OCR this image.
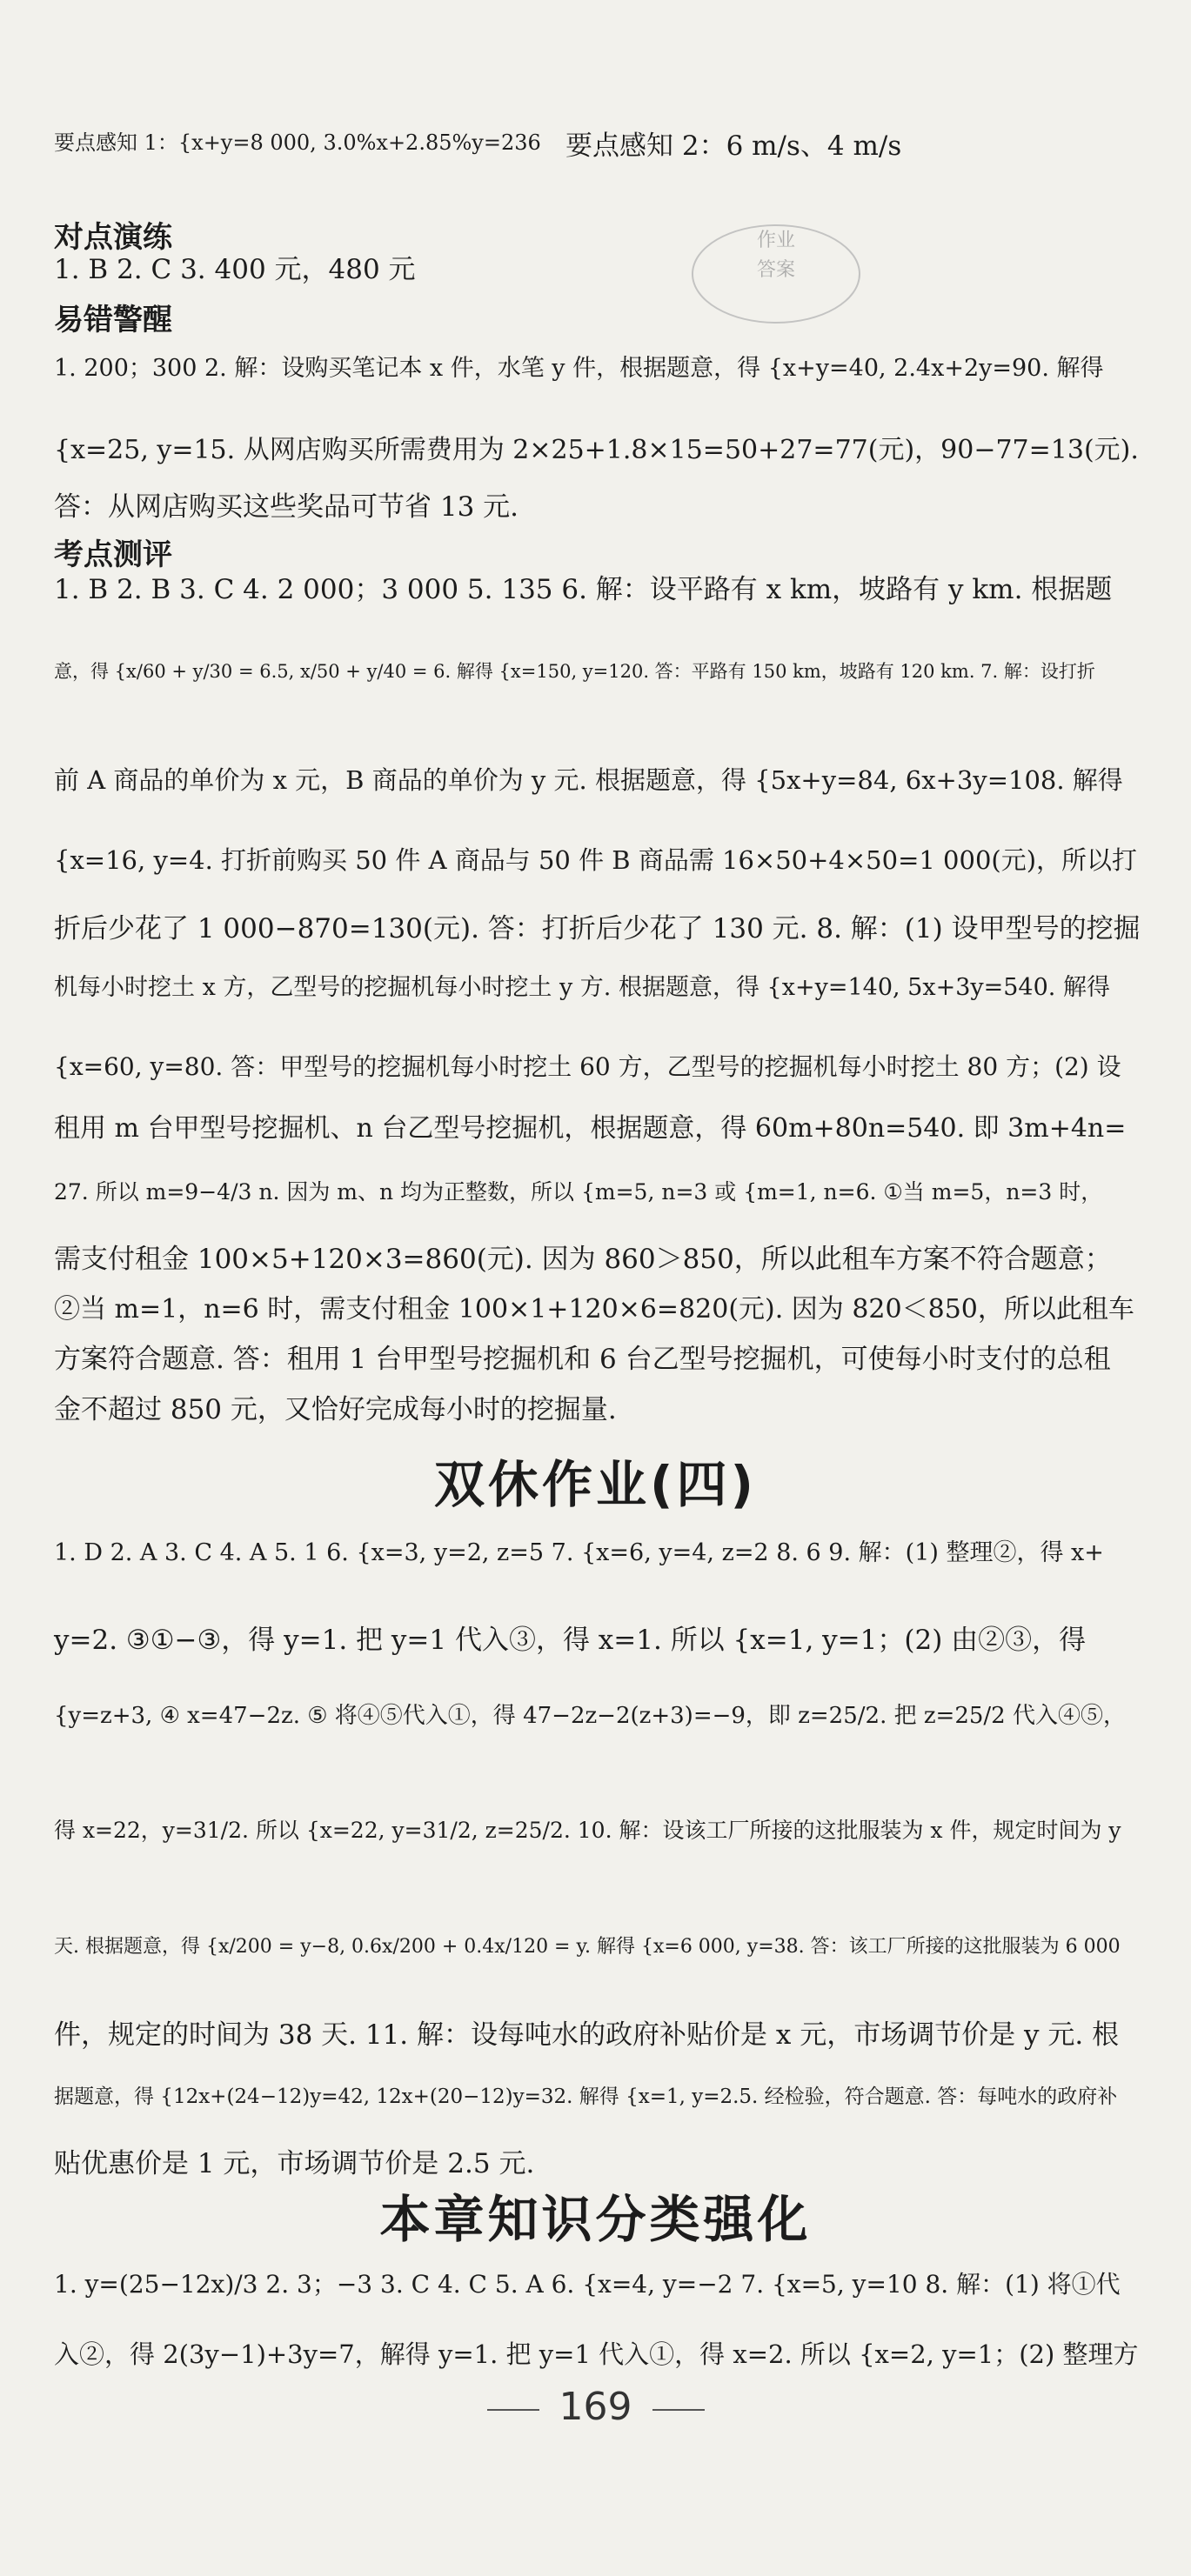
作业
答案
要点感知 1：{x+y=8 000, 3.0%x+2.85%y=236 要点感知 2：6 m/s、4 m/s
对点演练
1. B 2. C 3. 400 元，480 元
易错警醒
1. 200；300 2. 解：设购买笔记本 x 件，水笔 y 件，根据题意，得 {x+y=40, 2.4x+2y=90. 解得
{x=25, y=15. 从网店购买所需费用为 2×25+1.8×15=50+27=77(元)，90−77=13(元).
答：从网店购买这些奖品可节省 13 元.
考点测评
1. B 2. B 3. C 4. 2 000；3 000 5. 135 6. 解：设平路有 x km，坡路有 y km. 根据题
意，得 {x/60 + y/30 = 6.5, x/50 + y/40 = 6. 解得 {x=150, y=120. 答：平路有 150 km，坡路有 120 km. 7. 解：设打折
前 A 商品的单价为 x 元，B 商品的单价为 y 元. 根据题意，得 {5x+y=84, 6x+3y=108. 解得
{x=16, y=4. 打折前购买 50 件 A 商品与 50 件 B 商品需 16×50+4×50=1 000(元)，所以打
折后少花了 1 000−870=130(元). 答：打折后少花了 130 元. 8. 解：(1) 设甲型号的挖掘
机每小时挖土 x 方，乙型号的挖掘机每小时挖土 y 方. 根据题意，得 {x+y=140, 5x+3y=540. 解得
{x=60, y=80. 答：甲型号的挖掘机每小时挖土 60 方，乙型号的挖掘机每小时挖土 80 方；(2) 设
租用 m 台甲型号挖掘机、n 台乙型号挖掘机，根据题意，得 60m+80n=540. 即 3m+4n=
27. 所以 m=9−4/3 n. 因为 m、n 均为正整数，所以 {m=5, n=3 或 {m=1, n=6. ①当 m=5，n=3 时，
需支付租金 100×5+120×3=860(元). 因为 860＞850，所以此租车方案不符合题意；
②当 m=1，n=6 时，需支付租金 100×1+120×6=820(元). 因为 820＜850，所以此租车
方案符合题意. 答：租用 1 台甲型号挖掘机和 6 台乙型号挖掘机，可使每小时支付的总租
金不超过 850 元，又恰好完成每小时的挖掘量.
双休作业(四)
1. D 2. A 3. C 4. A 5. 1 6. {x=3, y=2, z=5 7. {x=6, y=4, z=2 8. 6 9. 解：(1) 整理②，得 x+
y=2. ③①−③，得 y=1. 把 y=1 代入③，得 x=1. 所以 {x=1, y=1；(2) 由②③，得
{y=z+3, ④ x=47−2z. ⑤ 将④⑤代入①，得 47−2z−2(z+3)=−9，即 z=25/2. 把 z=25/2 代入④⑤，
得 x=22，y=31/2. 所以 {x=22, y=31/2, z=25/2. 10. 解：设该工厂所接的这批服装为 x 件，规定时间为 y
天. 根据题意，得 {x/200 = y−8, 0.6x/200 + 0.4x/120 = y. 解得 {x=6 000, y=38. 答：该工厂所接的这批服装为 6 000
件，规定的时间为 38 天. 11. 解：设每吨水的政府补贴价是 x 元，市场调节价是 y 元. 根
据题意，得 {12x+(24−12)y=42, 12x+(20−12)y=32. 解得 {x=1, y=2.5. 经检验，符合题意. 答：每吨水的政府补
贴优惠价是 1 元，市场调节价是 2.5 元.
本章知识分类强化
1. y=(25−12x)/3 2. 3；−3 3. C 4. C 5. A 6. {x=4, y=−2 7. {x=5, y=10 8. 解：(1) 将①代
入②，得 2(3y−1)+3y=7，解得 y=1. 把 y=1 代入①，得 x=2. 所以 {x=2, y=1；(2) 整理方
169
